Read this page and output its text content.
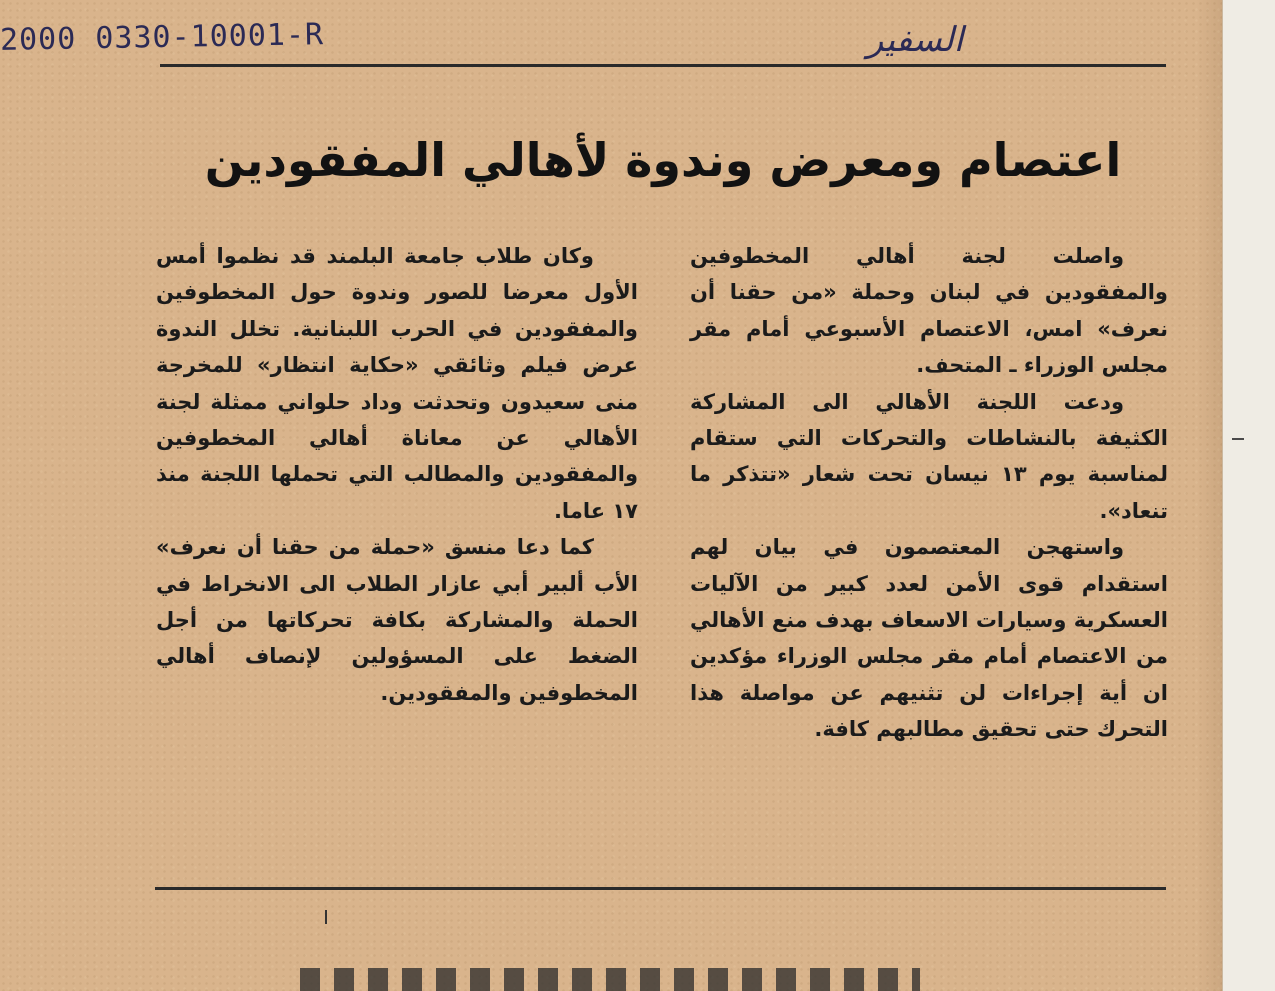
2000 0330-10001-R	السفير
اعتصام ومعرض وندوة لأهالي المفقودين

واصلت لجنة أهالي المخطوفين والمفقودين في لبنان وحملة «من حقنا أن نعرف» امس، الاعتصام الأسبوعي أمام مقر مجلس الوزراء ـ المتحف.

ودعت اللجنة الأهالي الى المشاركة الكثيفة بالنشاطات والتحركات التي ستقام لمناسبة يوم ١٣ نيسان تحت شعار «تتذكر ما تنعاد».

واستهجن المعتصمون في بيان لهم استقدام قوى الأمن لعدد كبير من الآليات العسكرية وسيارات الاسعاف بهدف منع الأهالي من الاعتصام أمام مقر مجلس الوزراء مؤكدين ان أية إجراءات لن تثنيهم عن مواصلة هذا التحرك حتى تحقيق مطالبهم كافة.

وكان طلاب جامعة البلمند قد نظموا أمس الأول معرضا للصور وندوة حول المخطوفين والمفقودين في الحرب اللبنانية. تخلل الندوة عرض فيلم وثائقي «حكاية انتظار» للمخرجة منى سعيدون وتحدثت وداد حلواني ممثلة لجنة الأهالي عن معاناة أهالي المخطوفين والمفقودين والمطالب التي تحملها اللجنة منذ ١٧ عاما.

كما دعا منسق «حملة من حقنا أن نعرف» الأب ألبير أبي عازار الطلاب الى الانخراط في الحملة والمشاركة بكافة تحركاتها من أجل الضغط على المسؤولين لإنصاف أهالي المخطوفين والمفقودين.
